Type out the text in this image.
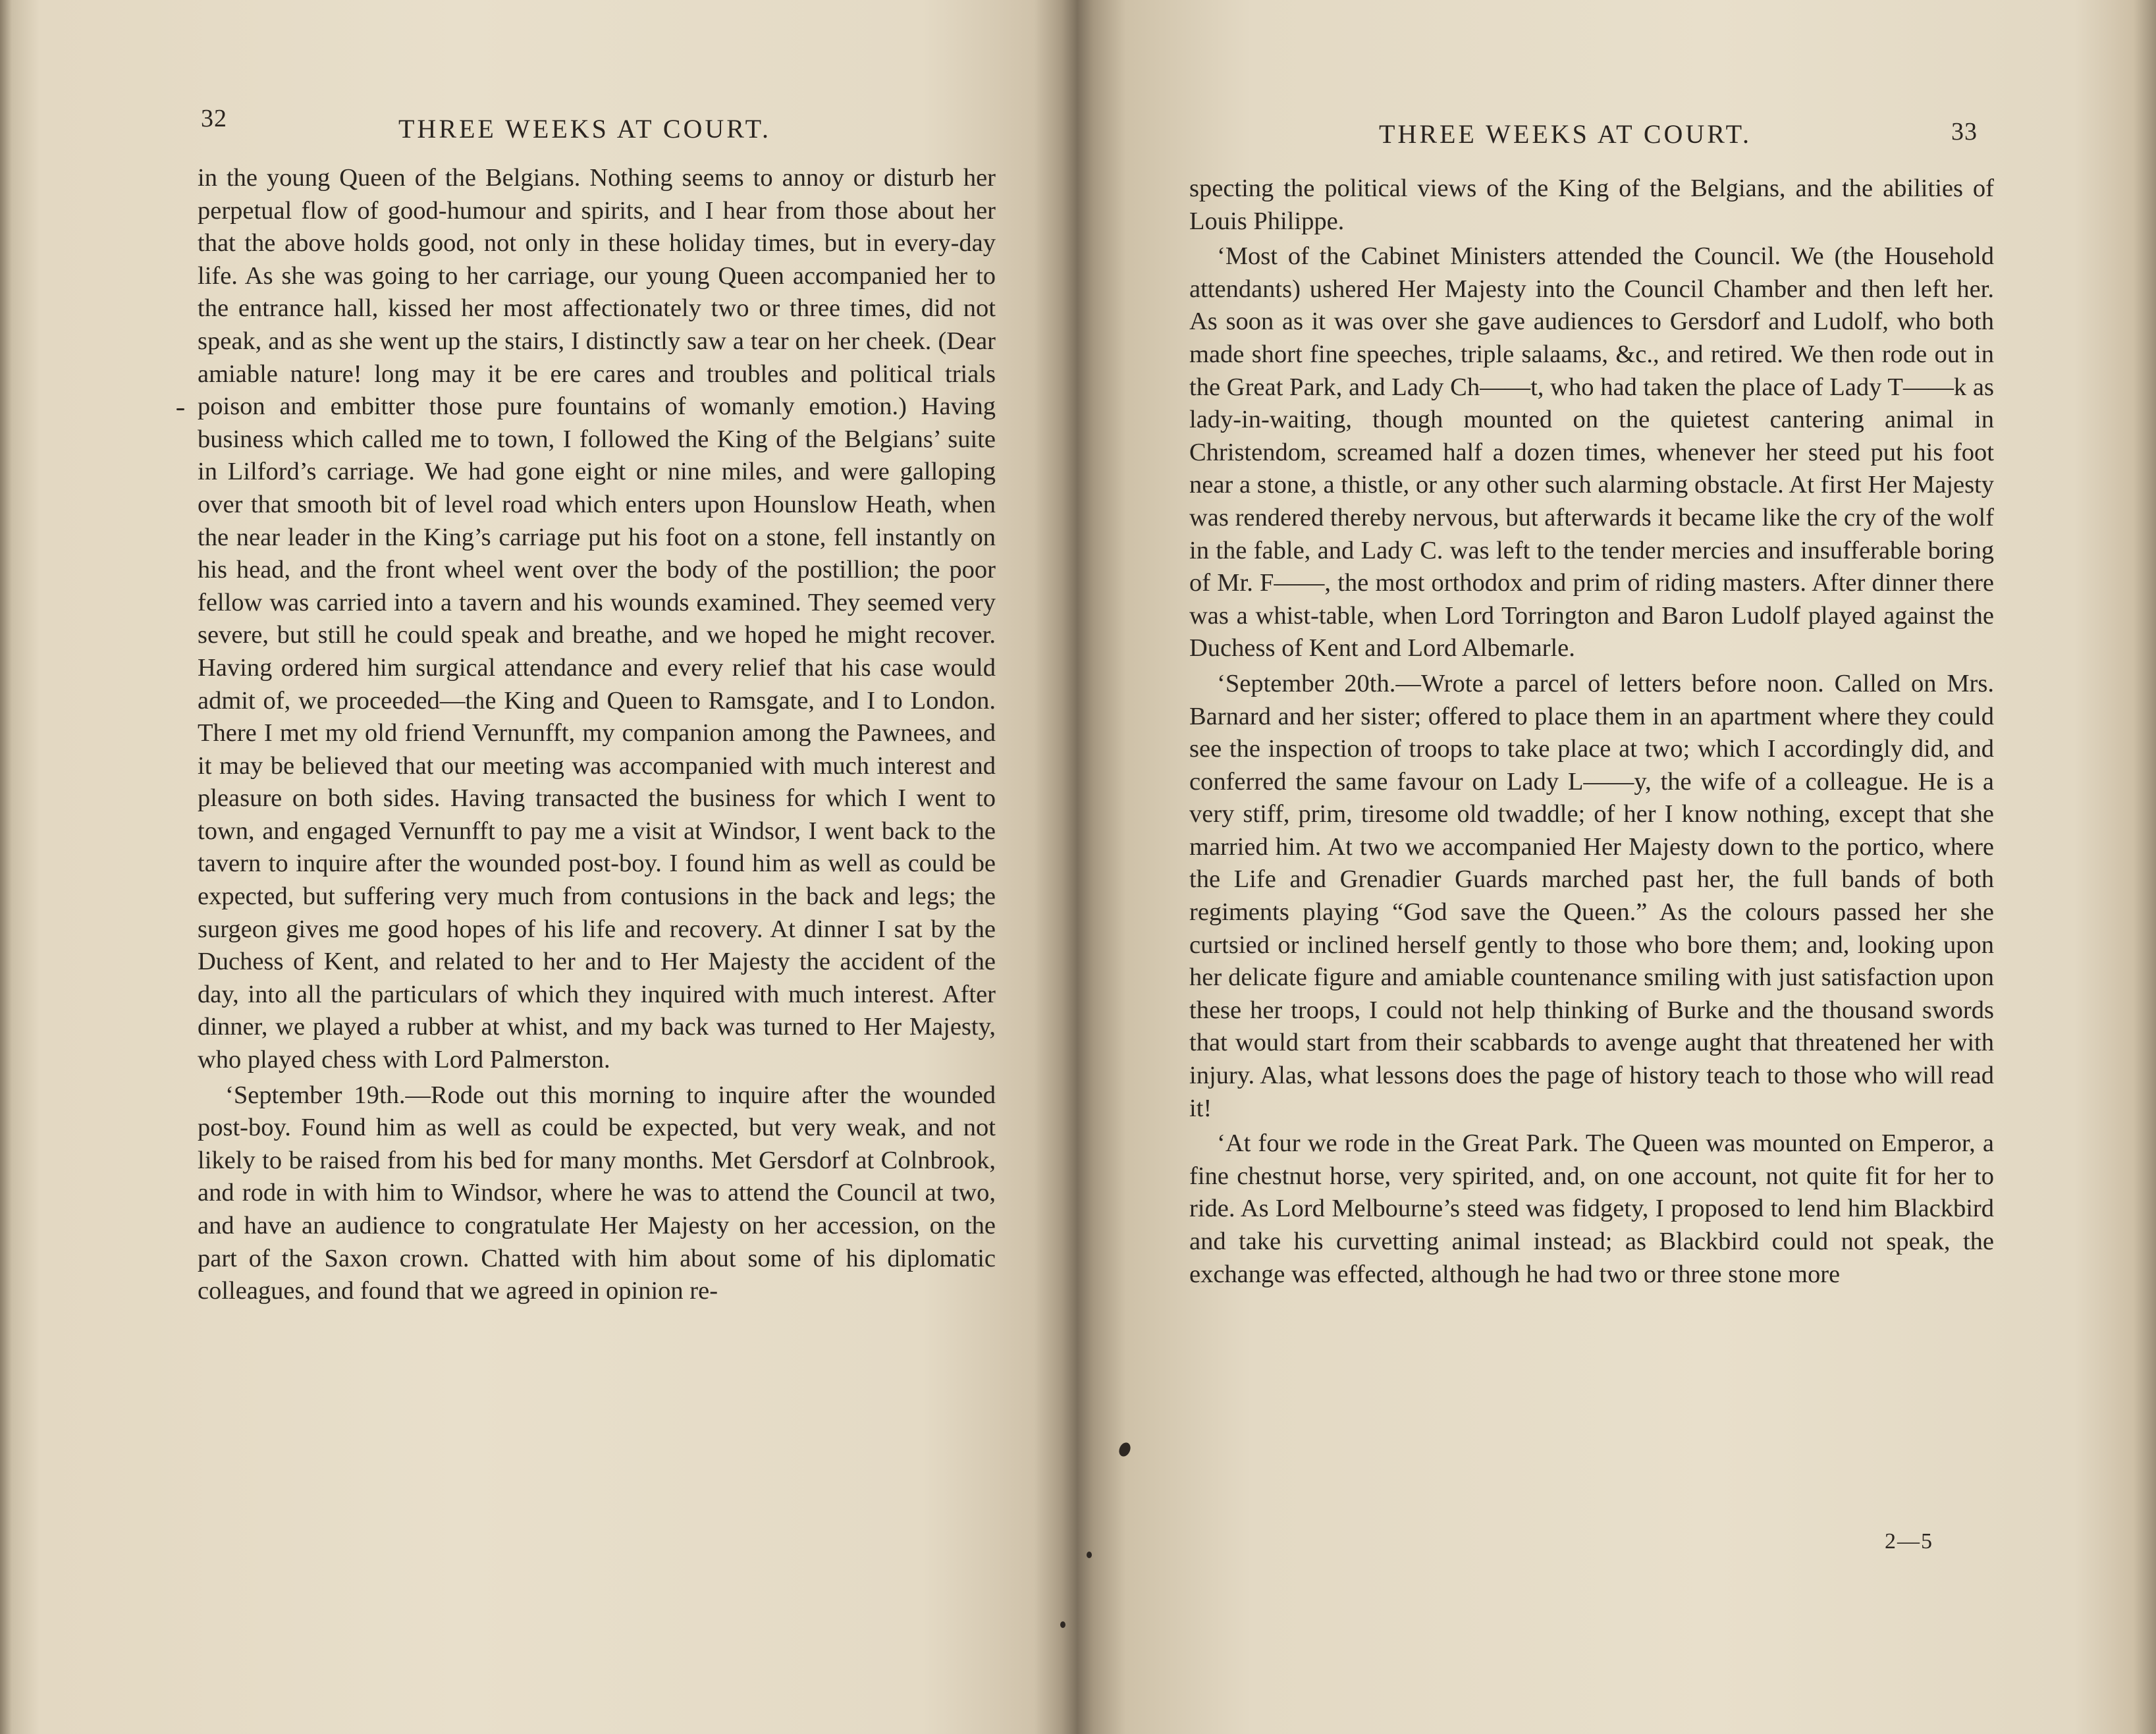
32	THREE WEEKS AT COURT.

in the young Queen of the Belgians. Nothing seems to annoy or disturb her perpetual flow of good-humour and spirits, and I hear from those about her that the above holds good, not only in these holiday times, but in every-day life. As she was going to her carriage, our young Queen accompanied her to the entrance hall, kissed her most affectionately two or three times, did not speak, and as she went up the stairs, I distinctly saw a tear on her cheek. (Dear amiable nature! long may it be ere cares and troubles and political trials poison and embitter those pure fountains of womanly emotion.) Having business which called me to town, I followed the King of the Belgians’ suite in Lilford’s carriage. We had gone eight or nine miles, and were galloping over that smooth bit of level road which enters upon Hounslow Heath, when the near leader in the King’s carriage put his foot on a stone, fell instantly on his head, and the front wheel went over the body of the postillion; the poor fellow was carried into a tavern and his wounds examined. They seemed very severe, but still he could speak and breathe, and we hoped he might recover. Having ordered him surgical attendance and every relief that his case would admit of, we proceeded—the King and Queen to Ramsgate, and I to London. There I met my old friend Vernunfft, my companion among the Pawnees, and it may be believed that our meeting was accompanied with much interest and pleasure on both sides. Having transacted the business for which I went to town, and engaged Vernunfft to pay me a visit at Windsor, I went back to the tavern to inquire after the wounded post-boy. I found him as well as could be expected, but suffering very much from contusions in the back and legs; the surgeon gives me good hopes of his life and recovery. At dinner I sat by the Duchess of Kent, and related to her and to Her Majesty the accident of the day, into all the particulars of which they inquired with much interest. After dinner, we played a rubber at whist, and my back was turned to Her Majesty, who played chess with Lord Palmerston.

‘September 19th.—Rode out this morning to inquire after the wounded post-boy. Found him as well as could be expected, but very weak, and not likely to be raised from his bed for many months. Met Gersdorf at Colnbrook, and rode in with him to Windsor, where he was to attend the Council at two, and have an audience to congratulate Her Majesty on her accession, on the part of the Saxon crown. Chatted with him about some of his diplomatic colleagues, and found that we agreed in opinion re-

THREE WEEKS AT COURT.	33

specting the political views of the King of the Belgians, and the abilities of Louis Philippe.

‘Most of the Cabinet Ministers attended the Council. We (the Household attendants) ushered Her Majesty into the Council Chamber and then left her. As soon as it was over she gave audiences to Gersdorf and Ludolf, who both made short fine speeches, triple salaams, &c., and retired. We then rode out in the Great Park, and Lady Ch——t, who had taken the place of Lady T——k as lady-in-waiting, though mounted on the quietest cantering animal in Christendom, screamed half a dozen times, whenever her steed put his foot near a stone, a thistle, or any other such alarming obstacle. At first Her Majesty was rendered thereby nervous, but afterwards it became like the cry of the wolf in the fable, and Lady C. was left to the tender mercies and insufferable boring of Mr. F——, the most orthodox and prim of riding masters. After dinner there was a whist-table, when Lord Torrington and Baron Ludolf played against the Duchess of Kent and Lord Albemarle.

‘September 20th.—Wrote a parcel of letters before noon. Called on Mrs. Barnard and her sister; offered to place them in an apartment where they could see the inspection of troops to take place at two; which I accordingly did, and conferred the same favour on Lady L——y, the wife of a colleague. He is a very stiff, prim, tiresome old twaddle; of her I know nothing, except that she married him. At two we accompanied Her Majesty down to the portico, where the Life and Grenadier Guards marched past her, the full bands of both regiments playing “God save the Queen.” As the colours passed her she curtsied or inclined herself gently to those who bore them; and, looking upon her delicate figure and amiable countenance smiling with just satisfaction upon these her troops, I could not help thinking of Burke and the thousand swords that would start from their scabbards to avenge aught that threatened her with injury. Alas, what lessons does the page of history teach to those who will read it!

‘At four we rode in the Great Park. The Queen was mounted on Emperor, a fine chestnut horse, very spirited, and, on one account, not quite fit for her to ride. As Lord Melbourne’s steed was fidgety, I proposed to lend him Blackbird and take his curvetting animal instead; as Blackbird could not speak, the exchange was effected, although he had two or three stone more

2—5
